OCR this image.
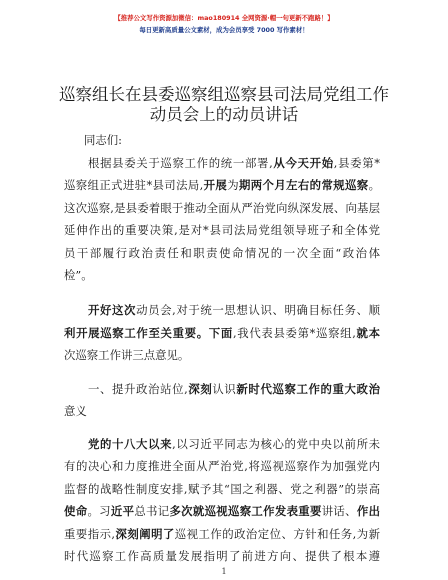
【推荐公文写作资源加微信：mao180914 全网资源·帽一句更新不跑路！】
每日更新高质量公文素材，成为会员享受 7000 写作素材！
巡察组长在县委巡察组巡察县司法局党组工作
动员会上的动员讲话
同志们:
根据县委关于巡察工作的统一部署,从今天开始,县委第*
巡察组正式进驻*县司法局,开展为期两个月左右的常规巡察。
这次巡察,是县委着眼于推动全面从严治党向纵深发展、向基层
延伸作出的重要决策,是对*县司法局党组领导班子和全体党
员干部履行政治责任和职责使命情况的一次全面“政治体
检”。
开好这次动员会,对于统一思想认识、明确目标任务、顺
利开展巡察工作至关重要。下面,我代表县委第*巡察组,就本
次巡察工作讲三点意见。
一、提升政治站位,深刻认识新时代巡察工作的重大政治
意义
党的十八大以来,以习近平同志为核心的党中央以前所未
有的决心和力度推进全面从严治党,将巡视巡察作为加强党内
监督的战略性制度安排,赋予其“国之利器、党之利器”的崇高
使命。习近平总书记多次就巡视巡察工作发表重要讲话、作出
重要指示,深刻阐明了巡视工作的政治定位、方针和任务,为新
时代巡察工作高质量发展指明了前进方向、提供了根本遵
1
